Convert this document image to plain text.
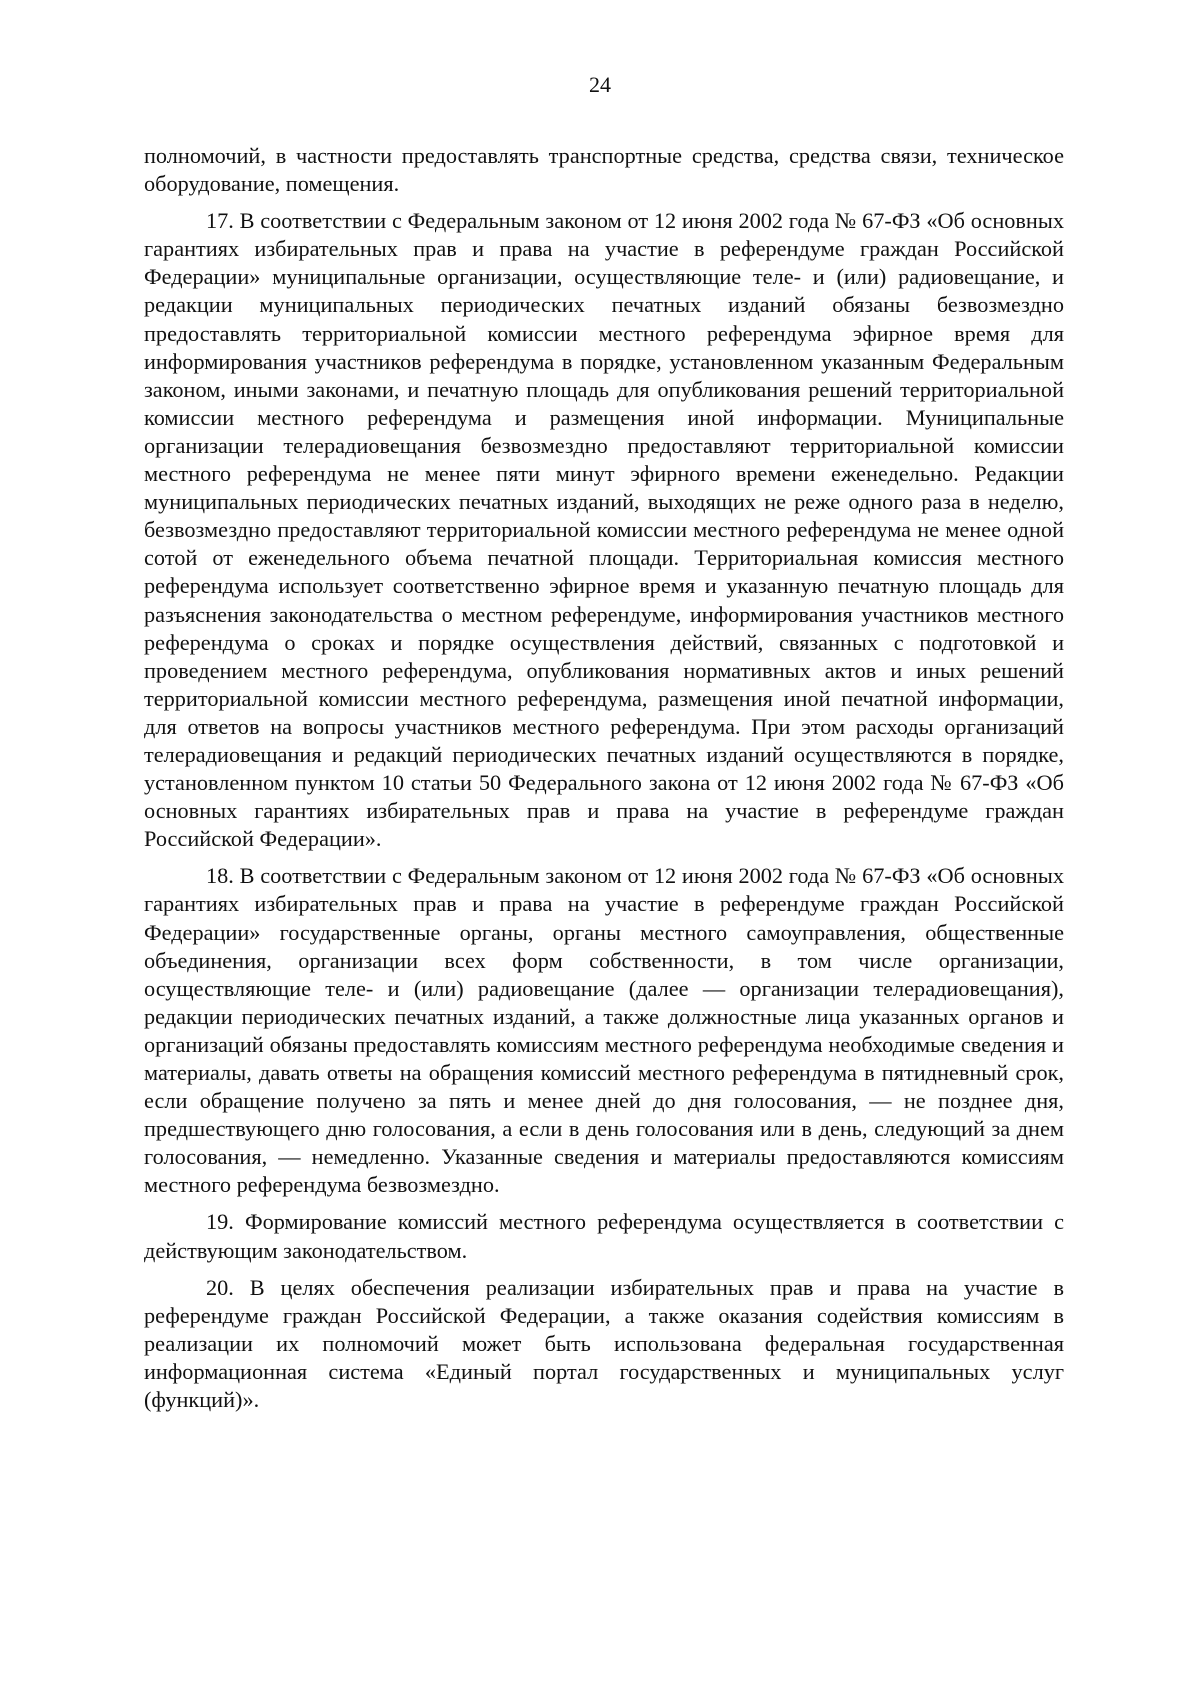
24

полномочий, в частности предоставлять транспортные средства, средства связи, техническое оборудование, помещения.

17. В соответствии с Федеральным законом от 12 июня 2002 года № 67-ФЗ «Об основных гарантиях избирательных прав и права на участие в референдуме граждан Российской Федерации» муниципальные организации, осуществляющие теле- и (или) радиовещание, и редакции муниципальных периодических печатных изданий обязаны безвозмездно предоставлять территориальной комиссии местного референдума эфирное время для информирования участников референдума в порядке, установленном указанным Федеральным законом, иными законами, и печатную площадь для опубликования решений территориальной комиссии местного референдума и размещения иной информации. Муниципальные организации телерадиовещания безвозмездно предоставляют территориальной комиссии местного референдума не менее пяти минут эфирного времени еженедельно. Редакции муниципальных периодических печатных изданий, выходящих не реже одного раза в неделю, безвозмездно предоставляют территориальной комиссии местного референдума не менее одной сотой от еженедельного объема печатной площади. Территориальная комиссия местного референдума использует соответственно эфирное время и указанную печатную площадь для разъяснения законодательства о местном референдуме, информирования участников местного референдума о сроках и порядке осуществления действий, связанных с подготовкой и проведением местного референдума, опубликования нормативных актов и иных решений территориальной комиссии местного референдума, размещения иной печатной информации, для ответов на вопросы участников местного референдума. При этом расходы организаций телерадиовещания и редакций периодических печатных изданий осуществляются в порядке, установленном пунктом 10 статьи 50 Федерального закона от 12 июня 2002 года № 67-ФЗ «Об основных гарантиях избирательных прав и права на участие в референдуме граждан Российской Федерации».

18. В соответствии с Федеральным законом от 12 июня 2002 года № 67-ФЗ «Об основных гарантиях избирательных прав и права на участие в референдуме граждан Российской Федерации» государственные органы, органы местного самоуправления, общественные объединения, организации всех форм собственности, в том числе организации, осуществляющие теле- и (или) радиовещание (далее — организации телерадиовещания), редакции периодических печатных изданий, а также должностные лица указанных органов и организаций обязаны предоставлять комиссиям местного референдума необходимые сведения и материалы, давать ответы на обращения комиссий местного референдума в пятидневный срок, если обращение получено за пять и менее дней до дня голосования, — не позднее дня, предшествующего дню голосования, а если в день голосования или в день, следующий за днем голосования, — немедленно. Указанные сведения и материалы предоставляются комиссиям местного референдума безвозмездно.

19. Формирование комиссий местного референдума осуществляется в соответствии с действующим законодательством.

20. В целях обеспечения реализации избирательных прав и права на участие в референдуме граждан Российской Федерации, а также оказания содействия комиссиям в реализации их полномочий может быть использована федеральная государственная информационная система «Единый портал государственных и муниципальных услуг (функций)».
